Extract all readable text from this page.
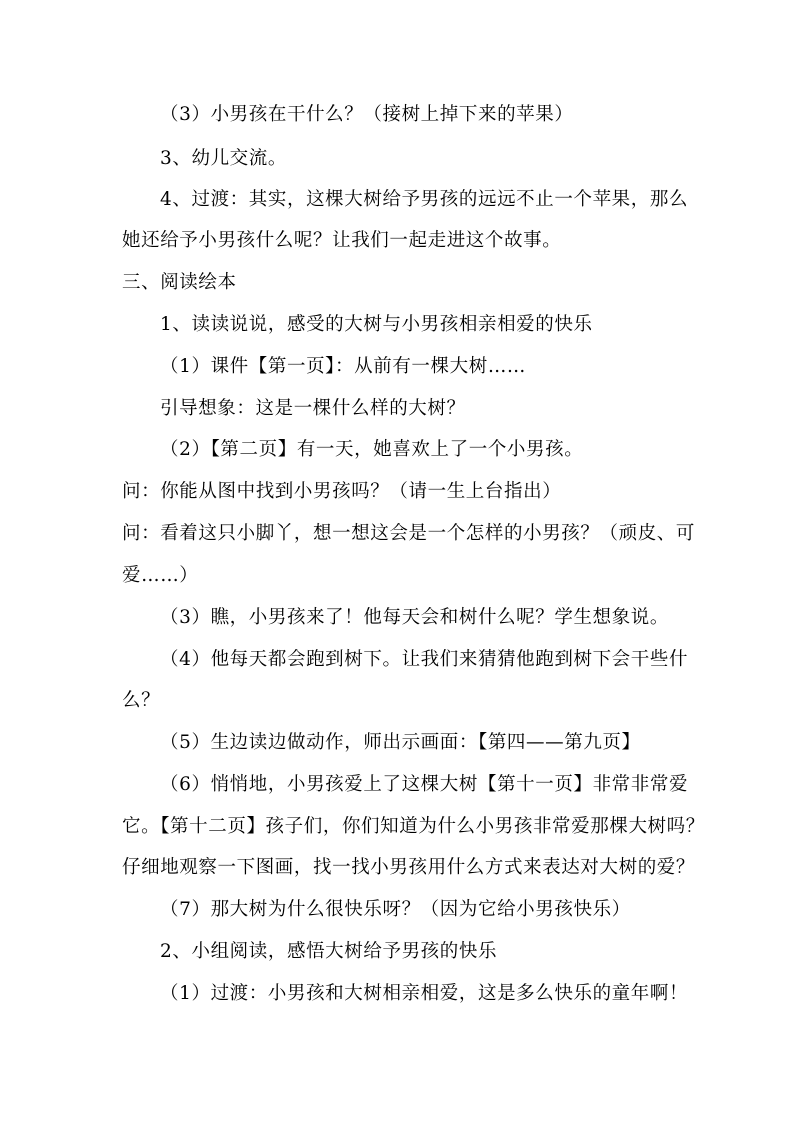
（3）小男孩在干什么？（接树上掉下来的苹果）
3、幼儿交流。
4、过渡：其实，这棵大树给予男孩的远远不止一个苹果，那么
她还给予小男孩什么呢？让我们一起走进这个故事。
三、阅读绘本
1、读读说说，感受的大树与小男孩相亲相爱的快乐
（1）课件【第一页】：从前有一棵大树……
引导想象：这是一棵什么样的大树？
（2）【第二页】有一天，她喜欢上了一个小男孩。
问：你能从图中找到小男孩吗？（请一生上台指出）
问：看着这只小脚丫，想一想这会是一个怎样的小男孩？（顽皮、可
爱……）
（3）瞧，小男孩来了！他每天会和树什么呢？学生想象说。
（4）他每天都会跑到树下。让我们来猜猜他跑到树下会干些什
么？
（5）生边读边做动作，师出示画面：【第四——第九页】
（6）悄悄地，小男孩爱上了这棵大树【第十一页】非常非常爱
它。【第十二页】孩子们，你们知道为什么小男孩非常爱那棵大树吗？
仔细地观察一下图画，找一找小男孩用什么方式来表达对大树的爱？
（7）那大树为什么很快乐呀？（因为它给小男孩快乐）
2、小组阅读，感悟大树给予男孩的快乐
（1）过渡：小男孩和大树相亲相爱，这是多么快乐的童年啊！
